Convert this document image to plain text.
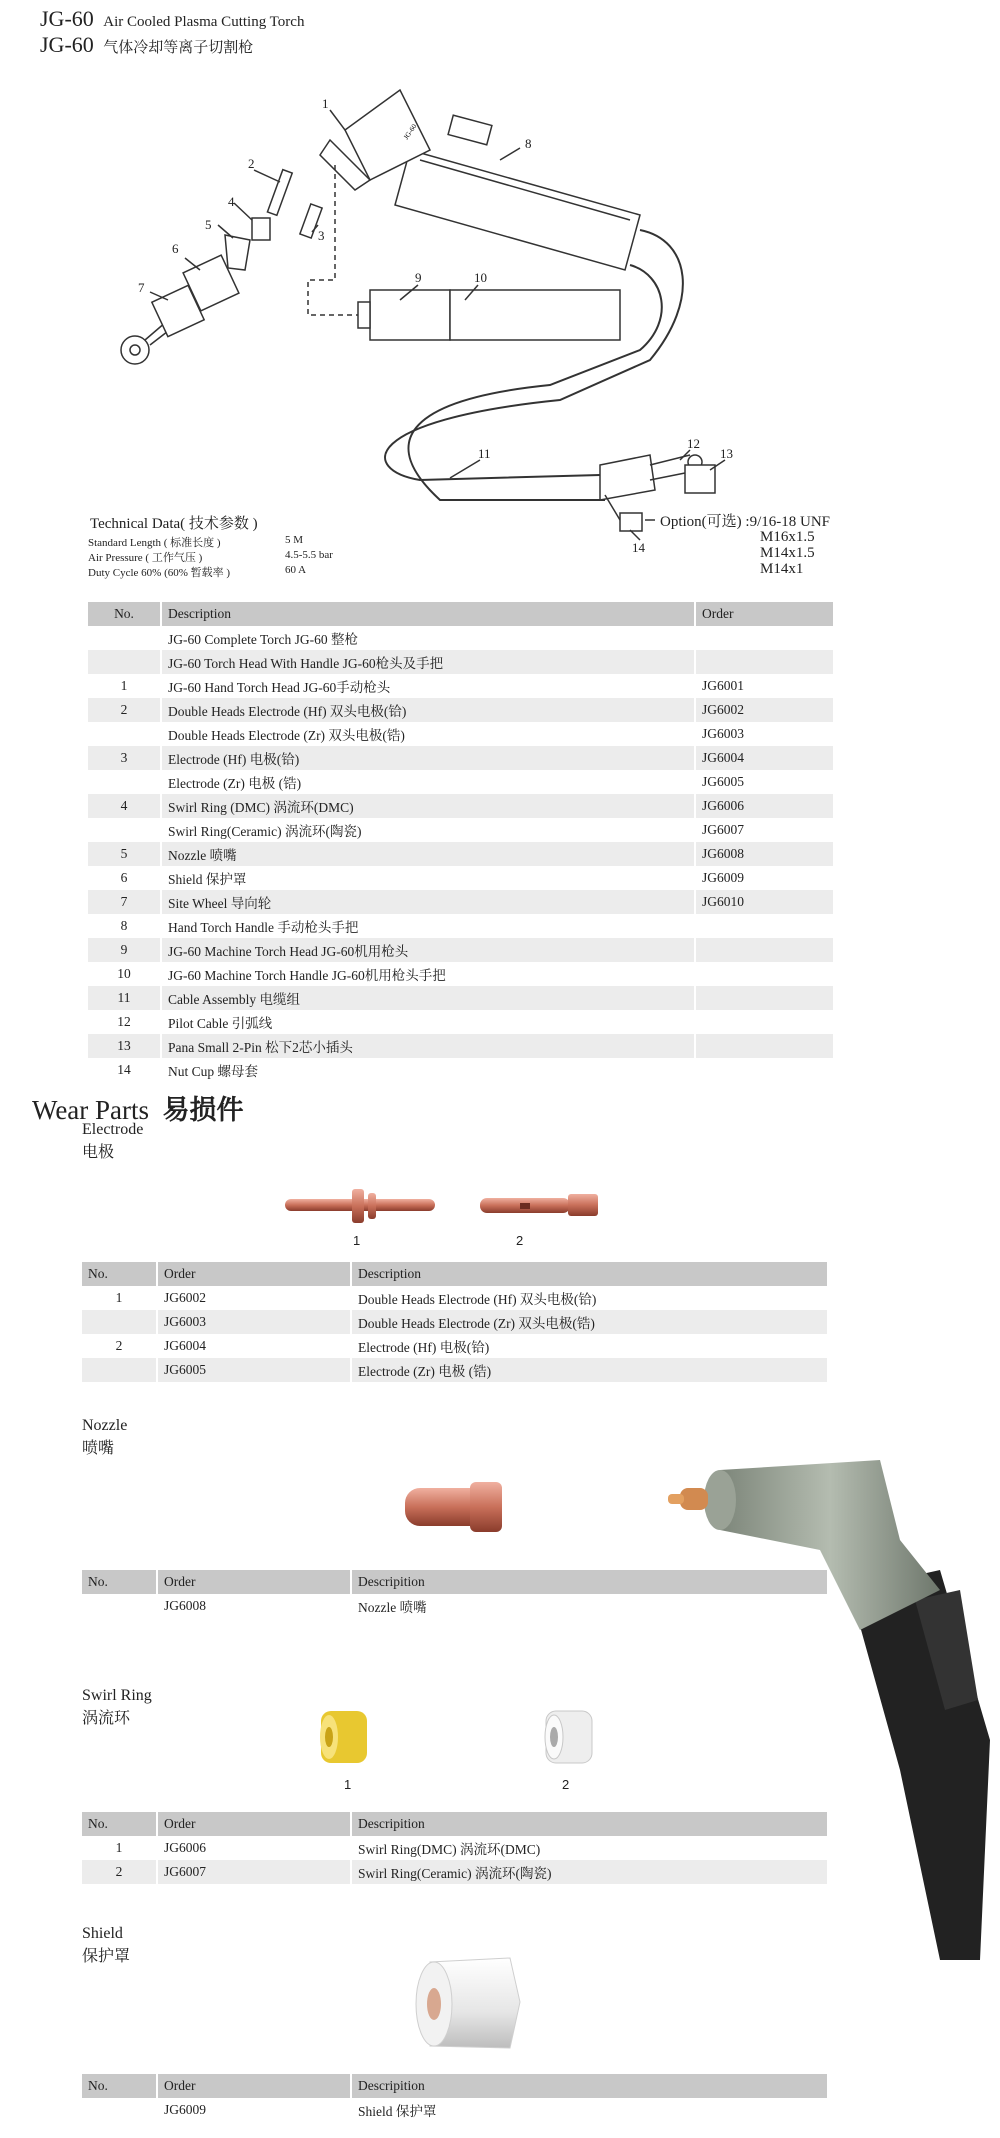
JG-60 Air Cooled Plasma Cutting Torch
JG-60 气体冷却等离子切割枪
JG-60
1
2
3
4
5
6
7
8
9	10
11
12
13
14
Option(可选) :9/16-18 UNF
M16x1.5
M14x1.5
M14x1
Technical Data( 技术参数 )
Standard Length ( 标准长度 )	5 M
Air Pressure ( 工作气压 )	4.5-5.5 bar
Duty Cycle 60% (60% 暂载率 )	60 A
No.	Description	Order
	JG-60 Complete Torch JG-60 整枪	
	JG-60 Torch Head With Handle JG-60枪头及手把	
1	JG-60 Hand Torch Head JG-60手动枪头	JG6001
2	Double Heads Electrode (Hf) 双头电极(铪)	JG6002
	Double Heads Electrode (Zr) 双头电极(锆)	JG6003
3	Electrode (Hf) 电极(铪)	JG6004
	Electrode (Zr) 电极 (锆)	JG6005
4	Swirl Ring (DMC) 涡流环(DMC)	JG6006
	Swirl Ring(Ceramic) 涡流环(陶瓷)	JG6007
5	Nozzle 喷嘴	JG6008
6	Shield 保护罩	JG6009
7	Site Wheel 导向轮	JG6010
8	Hand Torch Handle 手动枪头手把	
9	JG-60 Machine Torch Head JG-60机用枪头	
10	JG-60 Machine Torch Handle JG-60机用枪头手把	
11	Cable Assembly 电缆组	
12	Pilot Cable 引弧线	
13	Pana Small 2-Pin 松下2芯小插头	
14	Nut Cup 螺母套	
Wear Parts 易损件
Electrode
电极
1	2
No.	Order	Description
1	JG6002	Double Heads Electrode (Hf) 双头电极(铪)
	JG6003	Double Heads Electrode (Zr) 双头电极(锆)
2	JG6004	Electrode (Hf) 电极(铪)
	JG6005	Electrode (Zr) 电极 (锆)
Nozzle
喷嘴
No.	Order	Descripition
	JG6008	Nozzle 喷嘴
Swirl Ring
涡流环
1	2
No.	Order	Descripition
1	JG6006	Swirl Ring(DMC) 涡流环(DMC)
2	JG6007	Swirl Ring(Ceramic) 涡流环(陶瓷)
Shield
保护罩
No.	Order	Descripition
	JG6009	Shield 保护罩
